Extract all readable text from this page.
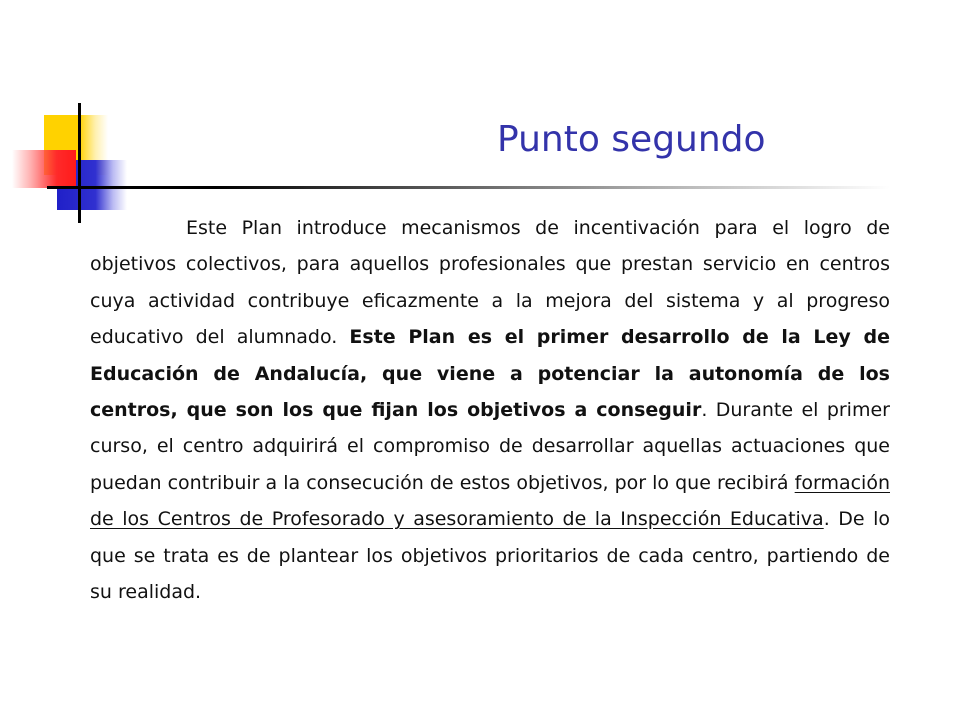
Punto segundo

Este Plan introduce mecanismos de incentivación para el logro de objetivos colectivos, para aquellos profesionales que prestan servicio en centros cuya actividad contribuye eficazmente a la mejora del sistema y al progreso educativo del alumnado. Este Plan es el primer desarrollo de la Ley de Educación de Andalucía, que viene a potenciar la autonomía de los centros, que son los que fijan los objetivos a conseguir. Durante el primer curso, el centro adquirirá el compromiso de desarrollar aquellas actuaciones que puedan contribuir a la consecución de estos objetivos, por lo que recibirá formación de los Centros de Profesorado y asesoramiento de la Inspección Educativa. De lo que se trata es de plantear los objetivos prioritarios de cada centro, partiendo de su realidad.
